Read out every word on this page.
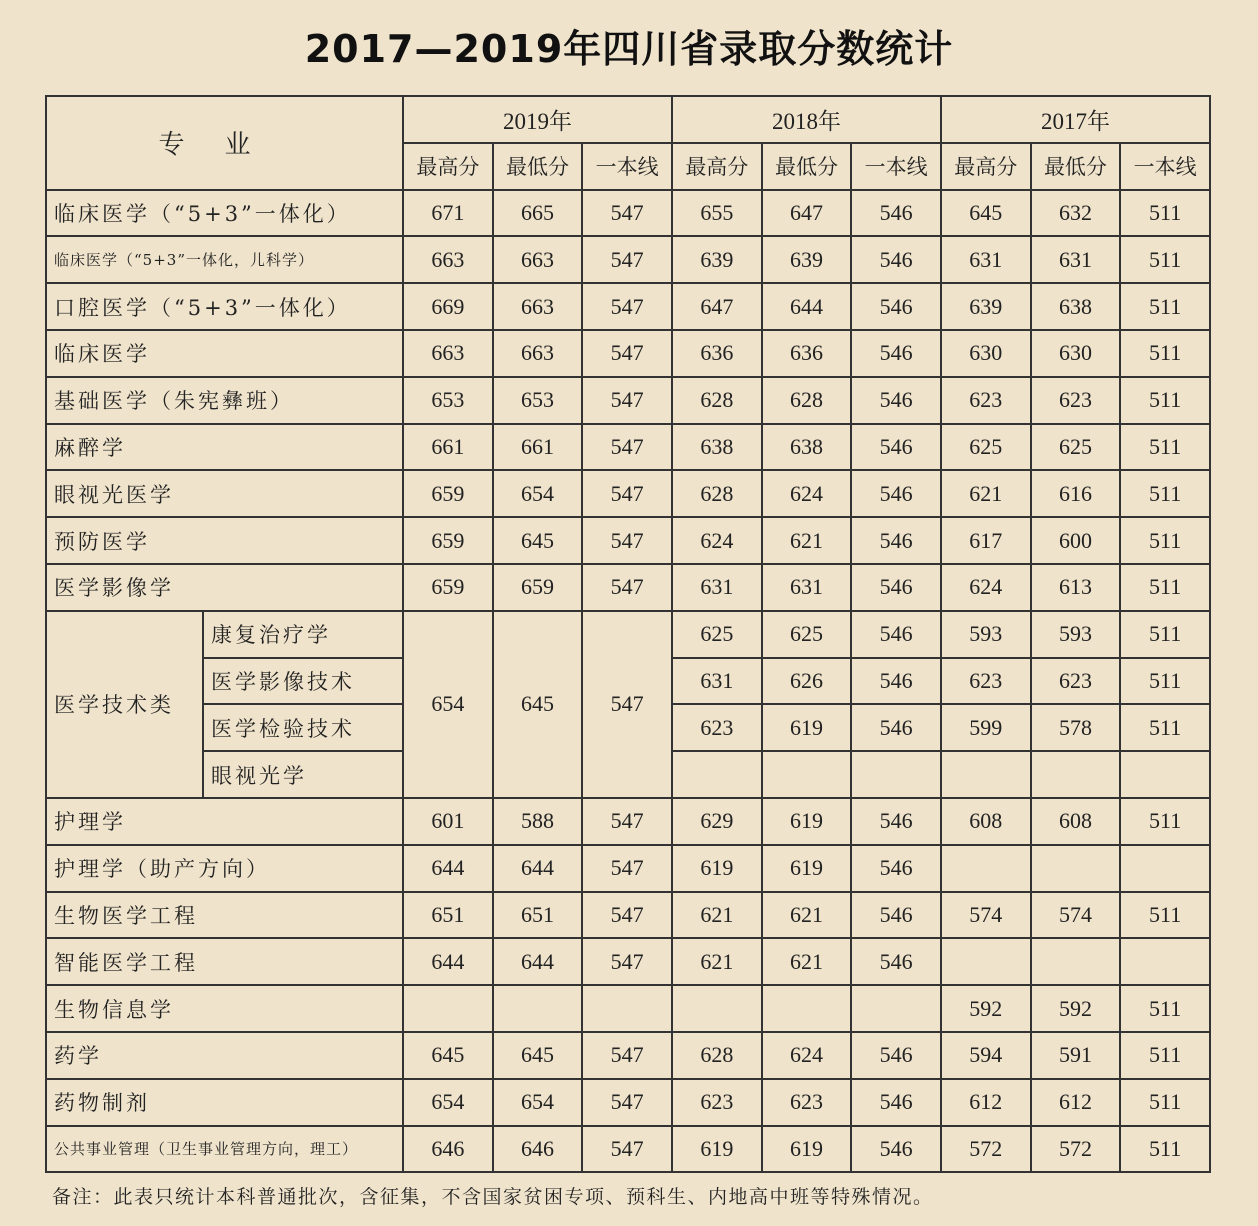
2017—2019年四川省录取分数统计
专业		2019年			2018年			2017年		
		最高分	最低分	一本线	最高分	最低分	一本线	最高分	最低分	一本线
临床医学（“5+3”一体化）		671	665	547	655	647	546	645	632	511
临床医学（“5+3”一体化，儿科学）		663	663	547	639	639	546	631	631	511
口腔医学（“5+3”一体化）		669	663	547	647	644	546	639	638	511
临床医学		663	663	547	636	636	546	630	630	511
基础医学（朱宪彝班）		653	653	547	628	628	546	623	623	511
麻醉学		661	661	547	638	638	546	625	625	511
眼视光医学		659	654	547	628	624	546	621	616	511
预防医学		659	645	547	624	621	546	617	600	511
医学影像学		659	659	547	631	631	546	624	613	511
医学技术类	康复治疗学	654	645	547	625	625	546	593	593	511
	医学影像技术				631	626	546	623	623	511
	医学检验技术				623	619	546	599	578	511
	眼视光学									
护理学		601	588	547	629	619	546	608	608	511
护理学（助产方向）		644	644	547	619	619	546			
生物医学工程		651	651	547	621	621	546	574	574	511
智能医学工程		644	644	547	621	621	546			
生物信息学								592	592	511
药学		645	645	547	628	624	546	594	591	511
药物制剂		654	654	547	623	623	546	612	612	511
公共事业管理（卫生事业管理方向，理工）		646	646	547	619	619	546	572	572	511
备注：此表只统计本科普通批次，含征集，不含国家贫困专项、预科生、内地高中班等特殊情况。
